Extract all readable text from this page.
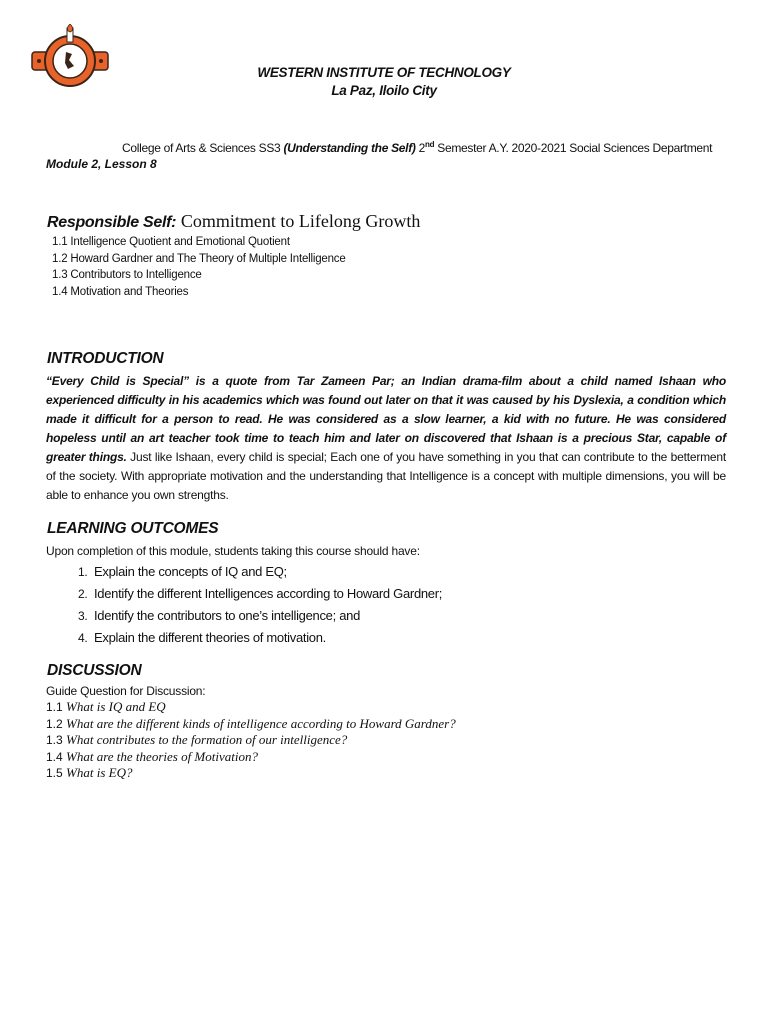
WESTERN INSTITUTE OF TECHNOLOGY
La Paz, Iloilo City
College of Arts & Sciences SS3 (Understanding the Self) 2nd Semester A.Y. 2020-2021 Social Sciences Department
Module 2, Lesson 8
Responsible Self: Commitment to Lifelong Growth
1.1 Intelligence Quotient and Emotional Quotient
1.2 Howard Gardner and The Theory of Multiple Intelligence
1.3 Contributors to Intelligence
1.4 Motivation and Theories
INTRODUCTION
“Every Child is Special” is a quote from Tar Zameen Par; an Indian drama-film about a child named Ishaan who experienced difficulty in his academics which was found out later on that it was caused by his Dyslexia, a condition which made it difficult for a person to read. He was considered as a slow learner, a kid with no future. He was considered hopeless until an art teacher took time to teach him and later on discovered that Ishaan is a precious Star, capable of greater things. Just like Ishaan, every child is special; Each one of you have something in you that can contribute to the betterment of the society. With appropriate motivation and the understanding that Intelligence is a concept with multiple dimensions, you will be able to enhance you own strengths.
LEARNING OUTCOMES
Upon completion of this module, students taking this course should have:
1. Explain the concepts of IQ and EQ;
2. Identify the different Intelligences according to Howard Gardner;
3. Identify the contributors to one’s intelligence; and
4. Explain the different theories of motivation.
DISCUSSION
Guide Question for Discussion:
1.1 What is IQ and EQ
1.2 What are the different kinds of intelligence according to Howard Gardner?
1.3 What contributes to the formation of our intelligence?
1.4 What are the theories of Motivation?
1.5 What is EQ?
